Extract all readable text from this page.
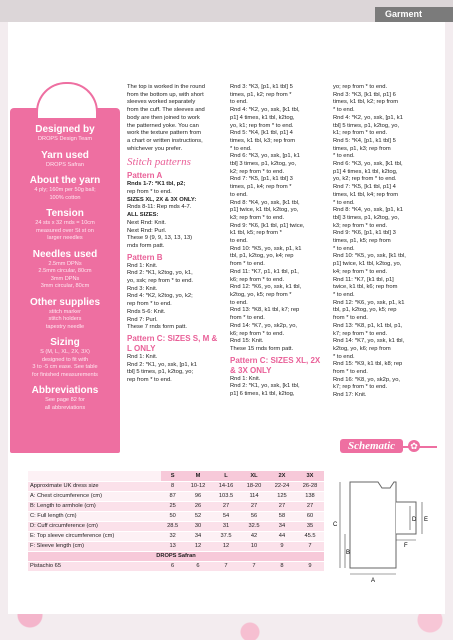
Garment
Designed by

DROPS Design Team

Yarn used

DROPS Safran

About the yarn

4 ply; 160m per 50g ball;

100% cotton

Tension

24 sts x 32 rnds = 10cm

measured over St st on

larger needles

Needles used

2.5mm DPNs

2.5mm circular, 80cm

3mm DPNs

3mm circular, 80cm

Other supplies

stitch marker

stitch holders

tapestry needle

Sizing

S (M, L, XL, 2X, 3X)

designed to fit with

3 to -5 cm ease. See table

for finished measurements

Abbreviations

See page 82 for

all abbreviations

The top is worked in the round
from the bottom up, with short
sleeves worked separately
from the cuff. The sleeves and
body are then joined to work
the patterned yoke. You can
work the texture pattern from
a chart or written instructions,
whichever you prefer.
Stitch patterns
Pattern A
Rnds 1-7: *K1 tbl, p2;
rep from * to end.
SIZES XL, 2X & 3X ONLY:
Rnds 8-11: Rep mds 4-7.
ALL SIZES:
Next Rnd: Knit.
Next Rnd: Purl.
These 9 (9, 9, 13, 13, 13)
rnds form patt.
Pattern B
Rnd 1: Knit.
Rnd 2: *K1, k2tog, yo, k1,
yo, ssk; rep from * to end.
Rnd 3: Knit.
Rnd 4: *K2, k2tog, yo, k2;
rep from * to end.
Rnds 5-6: Knit.
Rnd 7: Purl.
These 7 rnds form patt.
Pattern C: SIZES S, M & L ONLY
Rnd 1: Knit.
Rnd 2: *K1, yo, ssk, [p1, k1
tbl] 5 times, p1, k2tog, yo;
rep from * to end.
Rnd 3: *K3, [p1, k1 tbl] 5
times, p1, k2; rep from *
to end.
Rnd 4: *K2, yo, ssk, [k1 tbl,
p1] 4 times, k1 tbl, k2tog,
yo, k1; rep from * to end.
Rnd 5: *K4, [k1 tbl, p1] 4
times, k1 tbl, k3; rep from
* to end.
Rnd 6: *K3, yo, ssk, [p1, k1
tbl] 3 times, p1, k2tog, yo,
k2; rep from * to end.
Rnd 7: *K5, [p1, k1 tbl] 3
times, p1, k4; rep from *
to end.
Rnd 8: *K4, yo, ssk, [k1 tbl,
p1] twice, k1 tbl, k2tog, yo,
k3; rep from * to end.
Rnd 9: *K6, [k1 tbl, p1] twice,
k1 tbl, k5; rep from *
to end.
Rnd 10: *K5, yo, ssk, p1, k1
tbl, p1, k2tog, yo, k4; rep
from * to end.
Rnd 11: *K7, p1, k1 tbl, p1,
k6; rep from * to end.
Rnd 12: *K6, yo, ssk, k1 tbl,
k2tog, yo, k5; rep from *
to end.
Rnd 13: *K8, k1 tbl, k7; rep
from * to end.
Rnd 14: *K7, yo, sk2p, yo,
k6; rep from * to end.
Rnd 15: Knit.
These 15 rnds form patt.
Pattern C: SIZES XL, 2X & 3X ONLY
Rnd 1: Knit.
Rnd 2: *K1, yo, ssk, [k1 tbl,
p1] 6 times, k1 tbl, k2tog,
yo; rep from * to end.
Rnd 3: *K3, [k1 tbl, p1] 6
times, k1 tbl, k2; rep from
* to end.
Rnd 4: *K2, yo, ssk, [p1, k1
tbl] 5 times, p1, k2tog, yo,
k1; rep from * to end.
Rnd 5: *K4, [p1, k1 tbl] 5
times, p1, k3; rep from
* to end.
Rnd 6: *K3, yo, ssk, [k1 tbl,
p1] 4 times, k1 tbl, k2tog,
yo, k2; rep from * to end.
Rnd 7: *K5, [k1 tbl, p1] 4
times, k1 tbl, k4; rep from
* to end.
Rnd 8: *K4, yo, ssk, [p1, k1
tbl] 3 times, p1, k2tog, yo,
k3; rep from * to end.
Rnd 9: *K6, [p1, k1 tbl] 3
times, p1, k5; rep from
* to end.
Rnd 10: *K5, yo, ssk, [k1 tbl,
p1] twice, k1 tbl, k2tog, yo,
k4; rep from * to end.
Rnd 11: *K7, [k1 tbl, p1]
twice, k1 tbl, k6; rep from
* to end.
Rnd 12: *K6, yo, ssk, p1, k1
tbl, p1, k2tog, yo, k5; rep
from * to end.
Rnd 13: *K8, p1, k1 tbl, p1,
k7; rep from * to end.
Rnd 14: *K7, yo, ssk, k1 tbl,
k2tog, yo, k6; rep from
* to end.
Rnd 15: *K9, k1 tbl, k8; rep
from * to end.
Rnd 16: *K8, yo, sk2p, yo,
k7; rep from * to end.
Rnd 17: Knit.
Schematic	✿
	S	M	L	XL	2X	3X
Approximate UK dress size	8	10-12	14-16	18-20	22-24	26-28
A: Chest circumference (cm)	87	96	103.5	114	125	138
B: Length to armhole (cm)	25	26	27	27	27	27
C: Full length (cm)	50	52	54	56	58	60
D: Cuff circumference (cm)	28.5	30	31	32.5	34	35
E: Top sleeve circumference (cm)	32	34	37.5	42	44	45.5
F: Sleeve length (cm)	13	12	12	10	9	7
DROPS Safran						
Pistachio 65	6	6	7	7	8	9
A
B
C
D E
F
